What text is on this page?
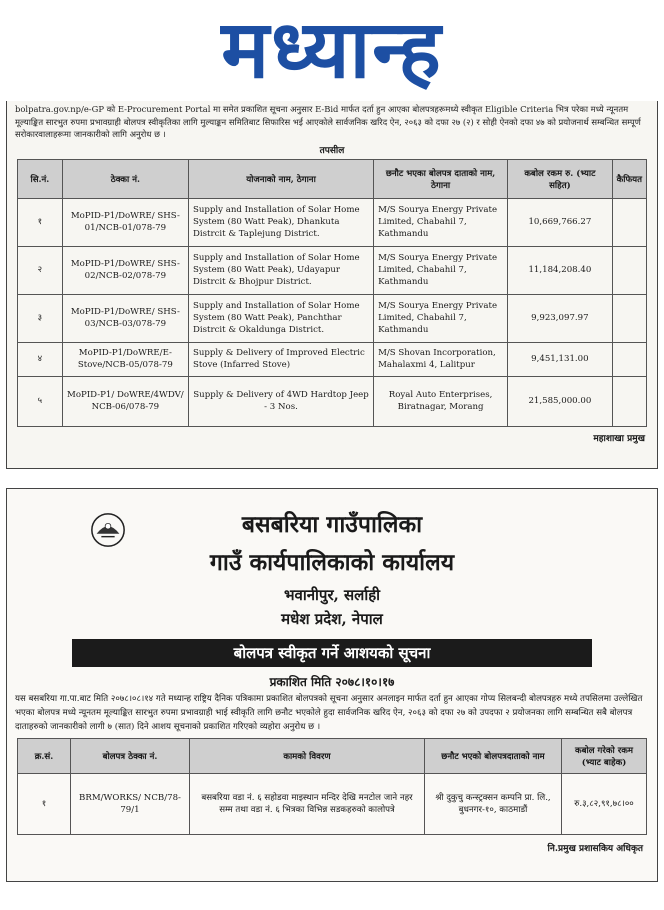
मध्यान्ह
bolpatra.gov.np/e-GP को E-Procurement Portal मा समेत प्रकाशित सूचना अनुसार E-Bid मार्फत दर्ता हुन आएका बोलपत्रहरूमध्ये स्वीकृत Eligible Criteria भित्र परेका मध्ये न्यूनतम मूल्याङ्कित सारभुत रुपमा प्रभावग्राही बोलपत्र स्वीकृतिका लागि मुल्याङ्कन समितिबाट सिफारिस भई आएकोले सार्वजनिक खरिद ऐन, २०६३ को दफा २७ (२) र सोही ऐनको दफा ४७ को प्रयोजनार्थ सम्बन्धित सम्पूर्ण सरोकारवालाहरूमा जानकारीको लागि अनुरोध छ ।
तपसील
सि.नं.	ठेक्का नं.	योजनाको नाम, ठेगाना	छनौट भएका बोलपत्र दाताको नाम, ठेगाना	कबोल रकम रु. (भ्याट सहित)	कैफियत
१	MoPID-P1/DoWRE/ SHS-01/NCB-01/078-79	Supply and Installation of Solar Home System (80 Watt Peak), Dhankuta Distrcit & Taplejung District.	M/S Sourya Energy Private Limited, Chabahil 7, Kathmandu	10,669,766.27	
२	MoPID-P1/DoWRE/ SHS-02/NCB-02/078-79	Supply and Installation of Solar Home System (80 Watt Peak), Udayapur Distrcit & Bhojpur District.	M/S Sourya Energy Private Limited, Chabahil 7, Kathmandu	11,184,208.40	
३	MoPID-P1/DoWRE/ SHS-03/NCB-03/078-79	Supply and Installation of Solar Home System (80 Watt Peak), Panchthar Distrcit & Okaldunga District.	M/S Sourya Energy Private Limited, Chabahil 7, Kathmandu	9,923,097.97	
४	MoPID-P1/DoWRE/E-Stove/NCB-05/078-79	Supply & Delivery of Improved Electric Stove (Infarred Stove)	M/S Shovan Incorporation, Mahalaxmi 4, Lalitpur	9,451,131.00	
५	MoPID-P1/ DoWRE/4WDV/ NCB-06/078-79	Supply & Delivery of 4WD Hardtop Jeep - 3 Nos.	Royal Auto Enterprises, Biratnagar, Morang	21,585,000.00	
महाशाखा प्रमुख
बसबरिया गाउँपालिका
गाउँ कार्यपालिकाको कार्यालय
भवानीपुर, सर्लाही
मधेश प्रदेश, नेपाल
बोलपत्र स्वीकृत गर्ने आशयको सूचना
प्रकाशित मिति २०७८।१०।१७
यस बसबरिया गा.पा.बाट मिति २०७८।०८।१४ गते मध्यान्ह राष्ट्रिय दैनिक पत्रिकामा प्रकाशित बोलपत्रको सूचना अनुसार अनलाइन मार्फत दर्ता हुन आएका गोप्य सिलबन्दी बोलपत्रहरु मध्ये तपसिलमा उल्लेखित भएका बोलपत्र मध्ये न्यूनतम मूल्याङ्कित सारभुत रुपमा प्रभावग्राही भाई स्वीकृति लागि छनौट भएकोले हुदा सार्वजनिक खरिद ऐन, २०६३ को दफा २७ को उपदफा २ प्रयोजनका लागि सम्बन्धित सबै बोलपत्र दाताहरुको जानकारीको लागी ७ (सात) दिने आशय सूचनाको प्रकाशित गरिएको व्यहोरा अनुरोध छ ।
क्र.सं.	बोलपत्र ठेक्का नं.	कामको विवरण	छनौट भएको बोलपत्रदाताको नाम	कबोल गरेको रकम (भ्याट बाहेक)
१	BRM/WORKS/ NCB/78-79/1	बसबरिया वडा नं. ६ सहोडवा माइस्थान मन्दिर देखि मनटोल जाने नहर सम्म तथा वडा नं. ६ भित्रका विभिन्न सडकहरुको कालोपत्रे	श्री दुकुचु कन्स्ट्रक्सन कम्पनि प्रा. लि., बुधनगर-१०, काठमाडौं	रु.३,८२,९१,७८।००
नि.प्रमुख प्रशासकिय अधिकृत
